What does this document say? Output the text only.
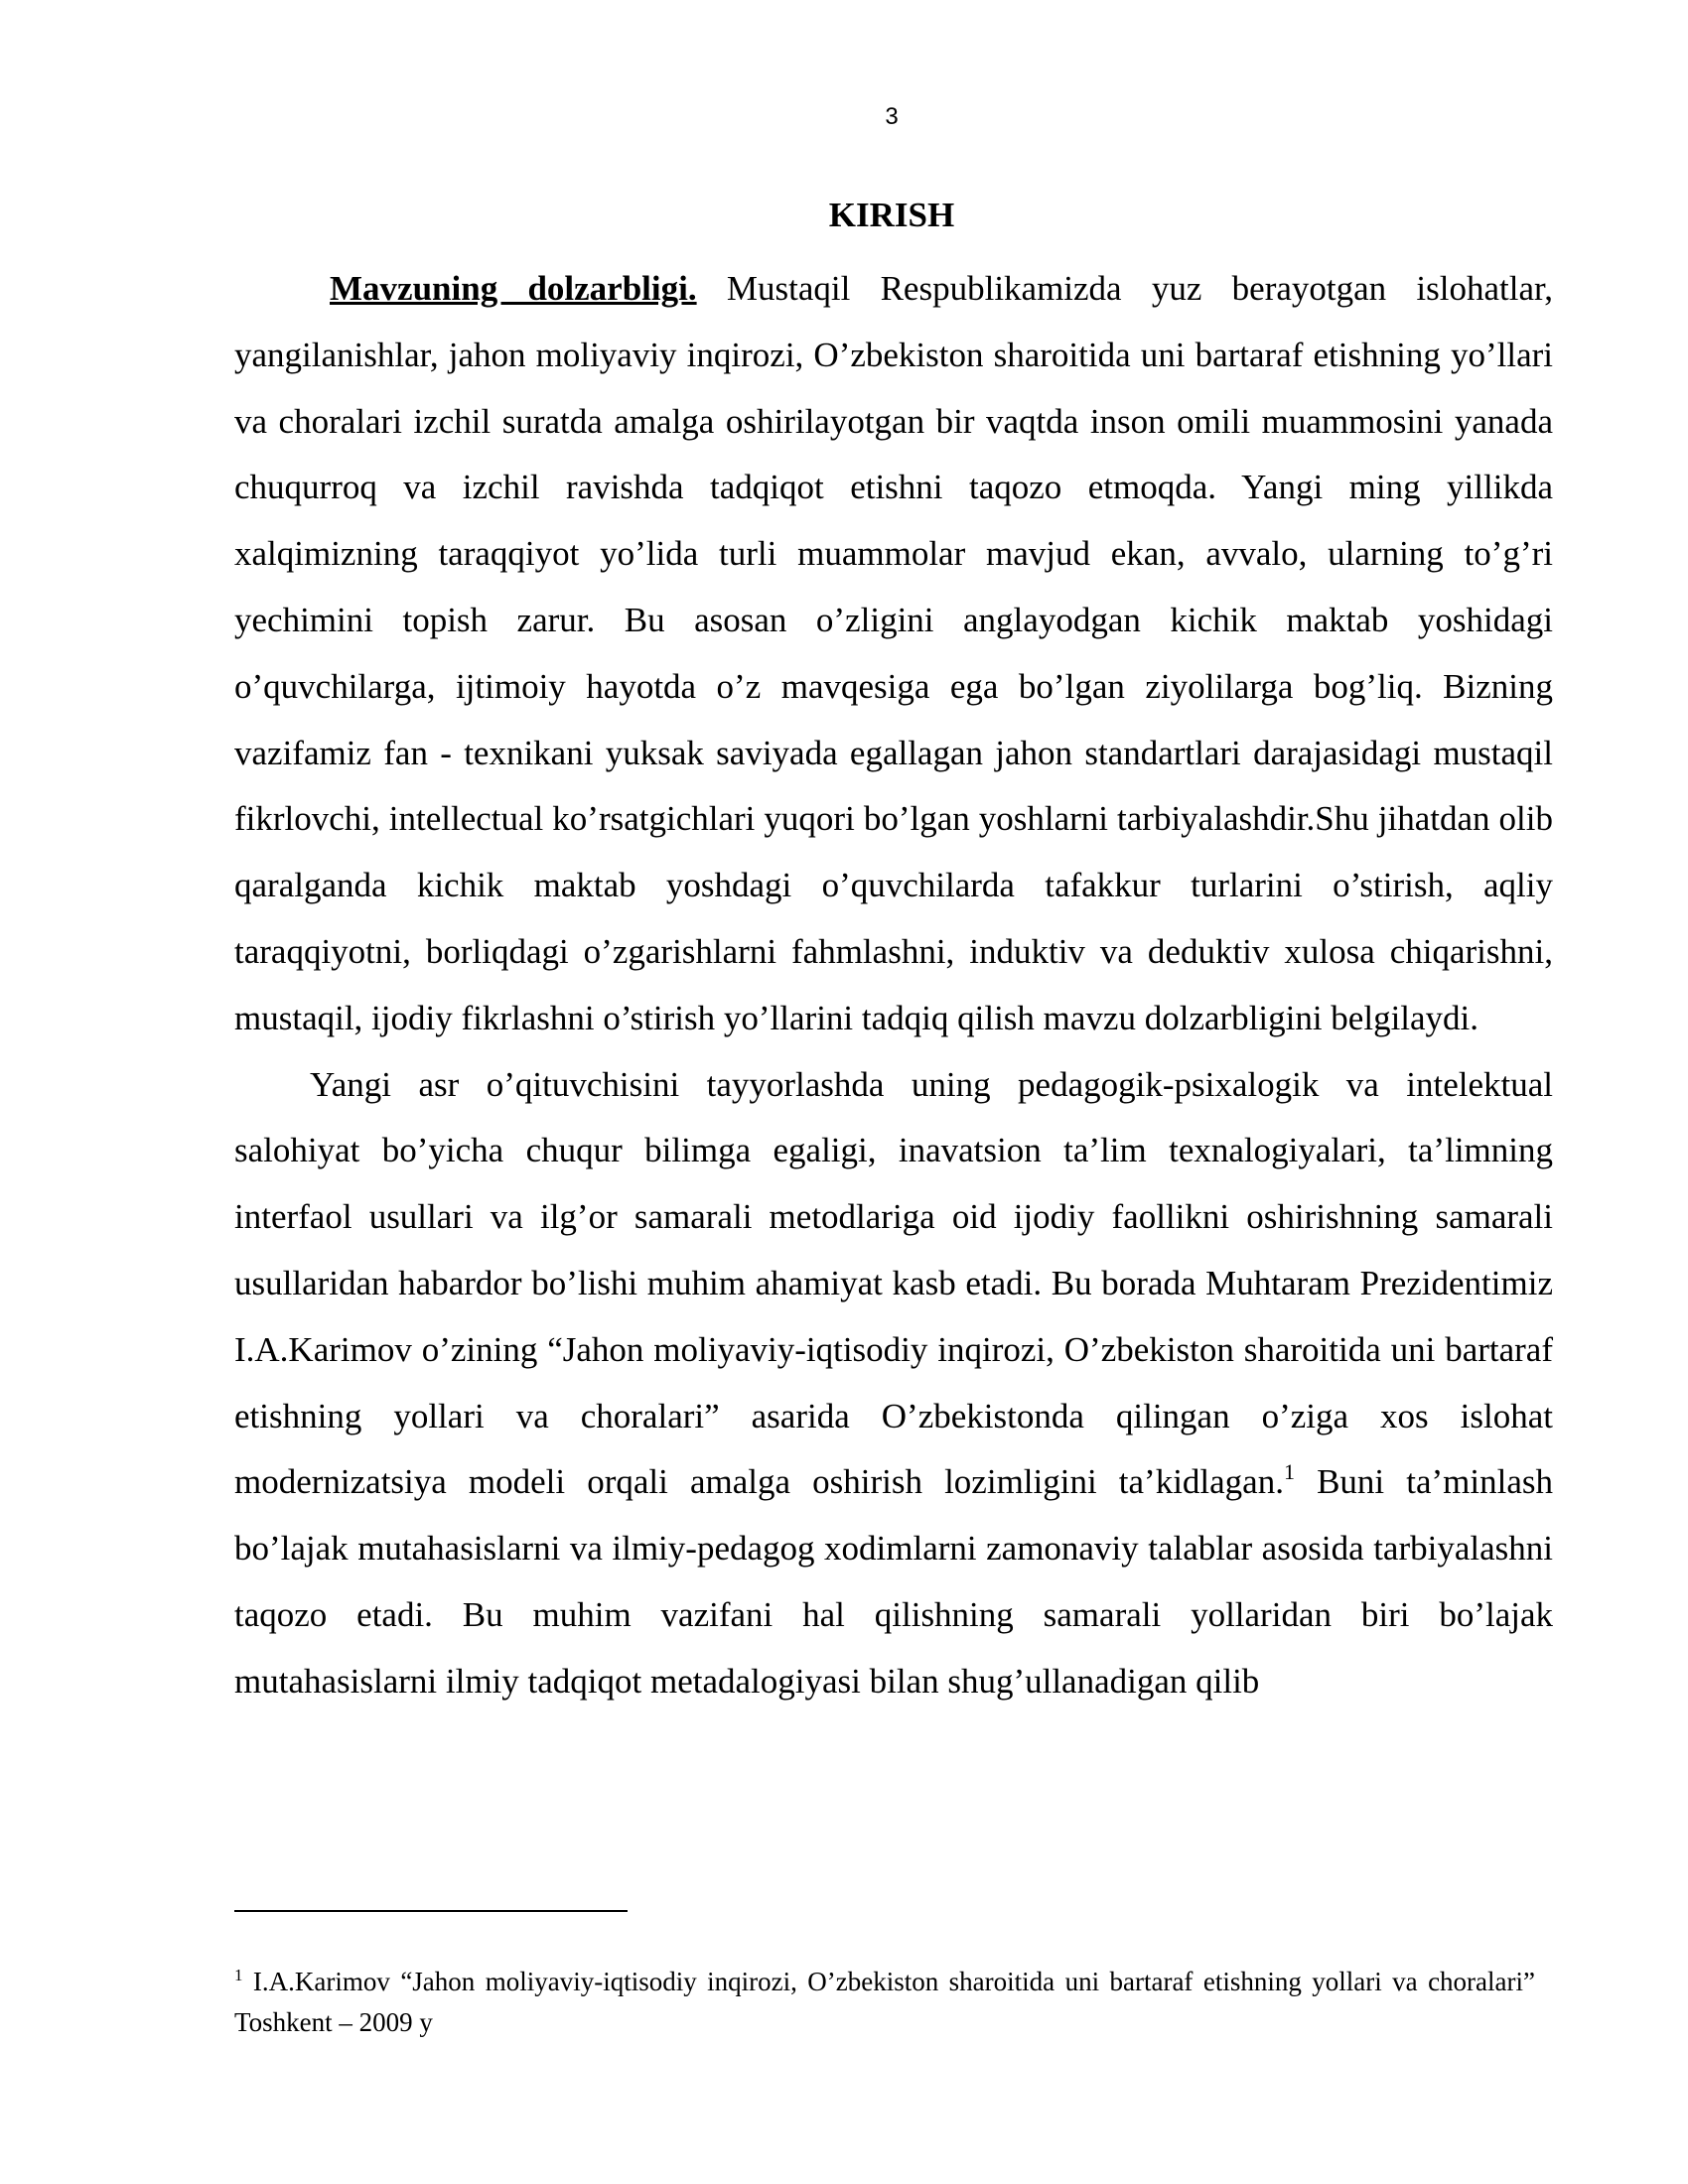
3
KIRISH

Mavzuning dolzarbligi. Mustaqil Respublikamizda yuz berayotgan islohatlar, yangilanishlar, jahon moliyaviy inqirozi, O’zbekiston sharoitida uni bartaraf etishning yo’llari va choralari izchil suratda amalga oshirilayotgan bir vaqtda inson omili muammosini yanada chuqurroq va izchil ravishda tadqiqot etishni taqozo etmoqda. Yangi ming yillikda xalqimizning taraqqiyot yo’lida turli muammolar mavjud ekan, avvalo, ularning to’g’ri yechimini topish zarur. Bu asosan o’zligini anglayodgan kichik maktab yoshidagi o’quvchilarga, ijtimoiy hayotda o’z mavqesiga ega bo’lgan ziyolilarga bog’liq. Bizning vazifamiz fan - texnikani yuksak saviyada egallagan jahon standartlari darajasidagi mustaqil fikrlovchi, intellectual ko’rsatgichlari yuqori bo’lgan yoshlarni tarbiyalashdir.Shu jihatdan olib qaralganda kichik maktab yoshdagi o’quvchilarda tafakkur turlarini o’stirish, aqliy taraqqiyotni, borliqdagi o’zgarishlarni fahmlashni, induktiv va deduktiv xulosa chiqarishni, mustaqil, ijodiy fikrlashni o’stirish yo’llarini tadqiq qilish mavzu dolzarbligini belgilaydi.

Yangi asr o’qituvchisini tayyorlashda uning pedagogik-psixalogik va intelektual salohiyat bo’yicha chuqur bilimga egaligi, inavatsion ta’lim texnalogiyalari, ta’limning interfaol usullari va ilg’or samarali metodlariga oid ijodiy faollikni oshirishning samarali usullaridan habardor bo’lishi muhim ahamiyat kasb etadi. Bu borada Muhtaram Prezidentimiz I.A.Karimov o’zining “Jahon moliyaviy-iqtisodiy inqirozi, O’zbekiston sharoitida uni bartaraf etishning yollari va choralari” asarida O’zbekistonda qilingan o’ziga xos islohat modernizatsiya modeli orqali amalga oshirish lozimligini ta’kidlagan.$^1$ Buni ta’minlash bo’lajak mutahasislarni va ilmiy-pedagog xodimlarni zamonaviy talablar asosida tarbiyalashni taqozo etadi. Bu muhim vazifani hal qilishning samarali yollaridan biri bo’lajak mutahasislarni ilmiy tadqiqot metadalogiyasi bilan shug’ullanadigan qilib

$^1$ I.A.Karimov “Jahon moliyaviy-iqtisodiy inqirozi, O’zbekiston sharoitida uni bartaraf etishning yollari va choralari” Toshkent – 2009 y
